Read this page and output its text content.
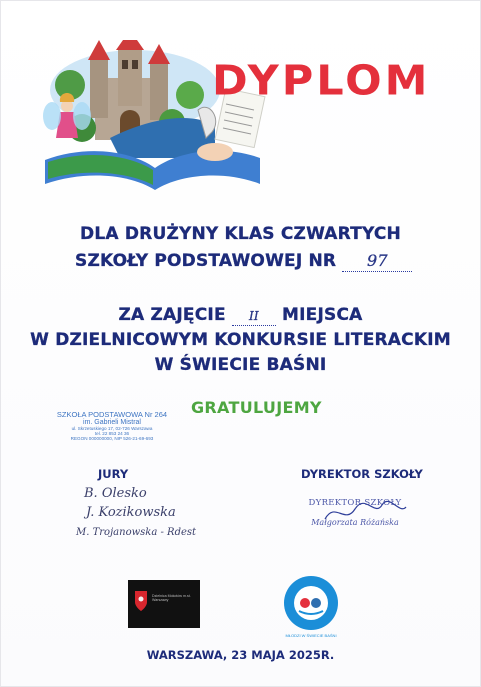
DYPLOM
DLA DRUŻYNY KLAS CZWARTYCH
SZKOŁY PODSTAWOWEJ NR 97
ZA ZAJĘCIE II MIEJSCA
W DZIELNICOWYM KONKURSIE LITERACKIM
W ŚWIECIE BAŚNI
SZKOŁA PODSTAWOWA Nr 264
im. Gabrieli Mistral
ul. Skrzetuskiego 17, 02-726 Warszawa
tel. 22 853 24 36
REGON 000000000, NIP 526-21-69-693
GRATULUJEMY
JURY
B. Olesko
J. Kozikowska
M. Trojanowska - Rdest
DYREKTOR SZKOŁY
DYREKTOR SZKOŁY
Małgorzata Różańska
Dzielnica Mokotów m.st. Warszawy
MŁODZI W ŚWIECIE BAŚNI
WARSZAWA, 23 MAJA 2025R.
